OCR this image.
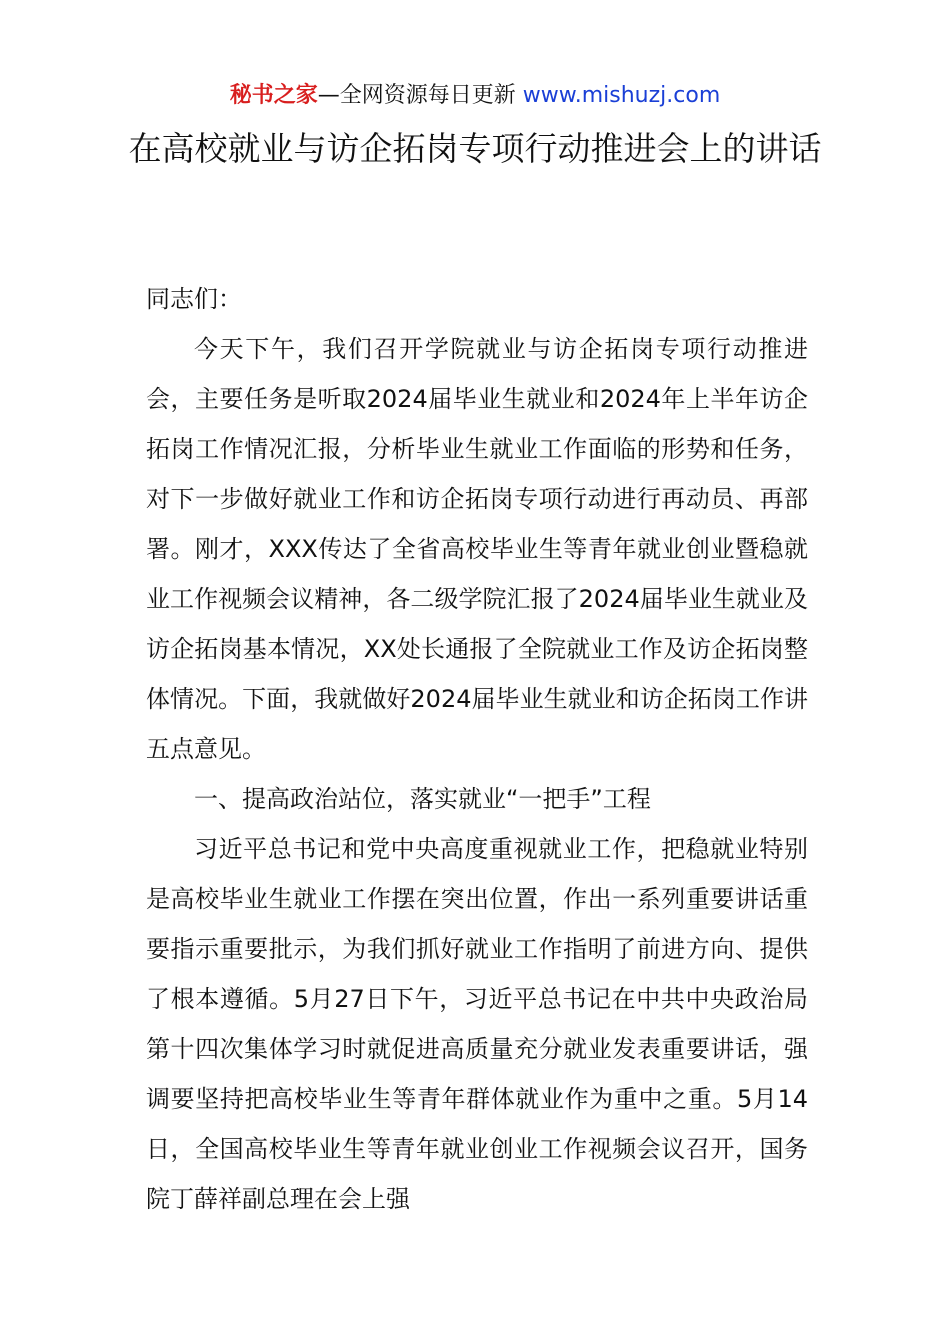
秘书之家—全网资源每日更新 www.mishuzj.com
在高校就业与访企拓岗专项行动推进会上的讲话

同志们：

今天下午，我们召开学院就业与访企拓岗专项行动推进会，主要任务是听取2024届毕业生就业和2024年上半年访企拓岗工作情况汇报，分析毕业生就业工作面临的形势和任务，对下一步做好就业工作和访企拓岗专项行动进行再动员、再部署。刚才，XXX传达了全省高校毕业生等青年就业创业暨稳就业工作视频会议精神，各二级学院汇报了2024届毕业生就业及访企拓岗基本情况，XX处长通报了全院就业工作及访企拓岗整体情况。下面，我就做好2024届毕业生就业和访企拓岗工作讲五点意见。

一、提高政治站位，落实就业“一把手”工程

习近平总书记和党中央高度重视就业工作，把稳就业特别是高校毕业生就业工作摆在突出位置，作出一系列重要讲话重要指示重要批示，为我们抓好就业工作指明了前进方向、提供了根本遵循。5月27日下午，习近平总书记在中共中央政治局第十四次集体学习时就促进高质量充分就业发表重要讲话，强调要坚持把高校毕业生等青年群体就业作为重中之重。5月14日，全国高校毕业生等青年就业创业工作视频会议召开，国务院丁薛祥副总理在会上强
